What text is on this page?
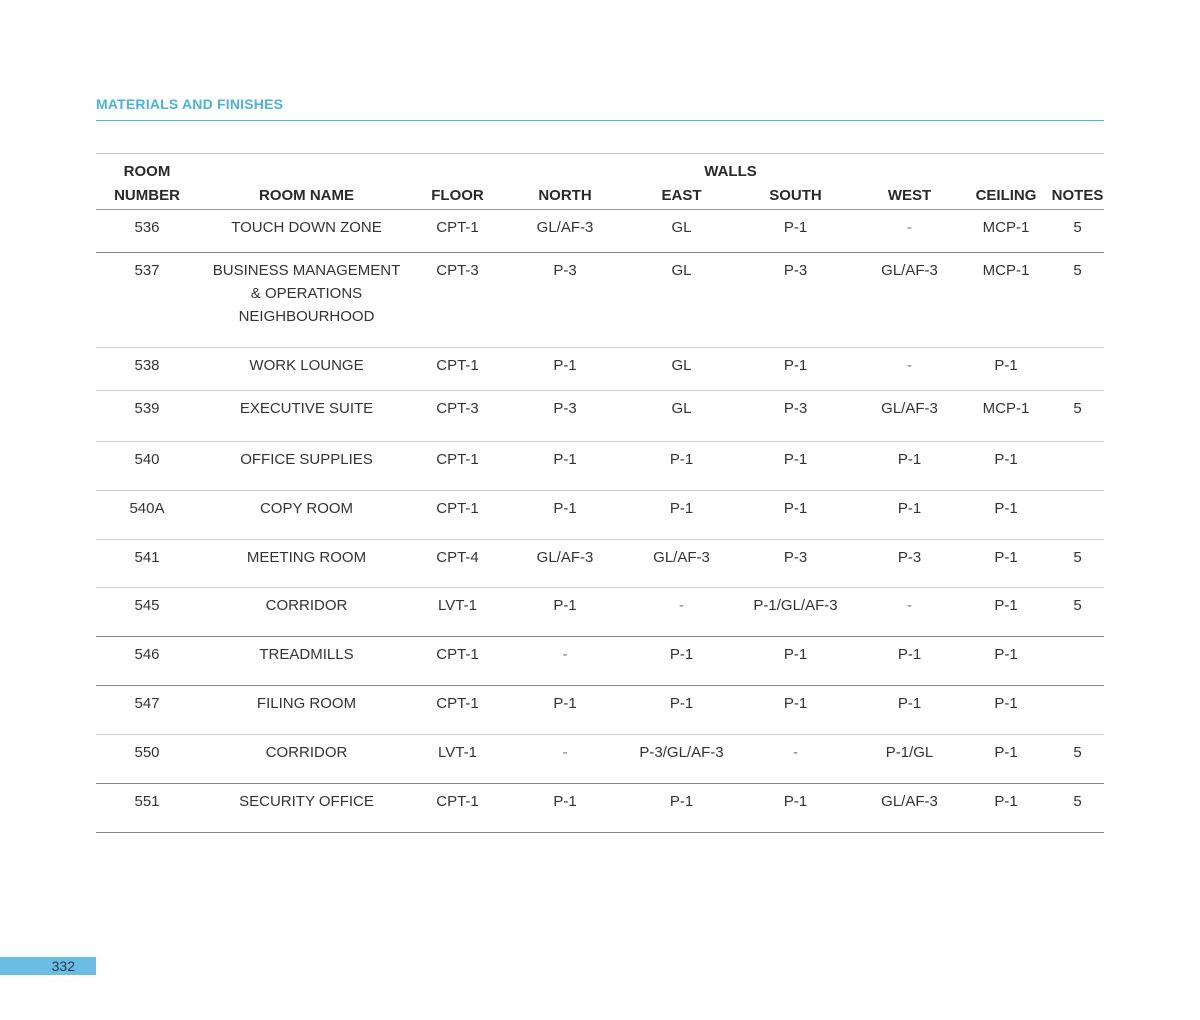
MATERIALS AND FINISHES
ROOM			WALLS					
NUMBER	ROOM NAME	FLOOR	NORTH	EAST	SOUTH	WEST	CEILING	NOTES
536	TOUCH DOWN ZONE	CPT-1	GL/AF-3	GL	P-1	-	MCP-1	5
537	BUSINESS MANAGEMENT
& OPERATIONS
NEIGHBOURHOOD	CPT-3	P-3	GL	P-3	GL/AF-3	MCP-1	5
538	WORK LOUNGE	CPT-1	P-1	GL	P-1	-	P-1	
539	EXECUTIVE SUITE	CPT-3	P-3	GL	P-3	GL/AF-3	MCP-1	5
540	OFFICE SUPPLIES	CPT-1	P-1	P-1	P-1	P-1	P-1	
540A	COPY ROOM	CPT-1	P-1	P-1	P-1	P-1	P-1	
541	MEETING ROOM	CPT-4	GL/AF-3	GL/AF-3	P-3	P-3	P-1	5
545	CORRIDOR	LVT-1	P-1	-	P-1/GL/AF-3	-	P-1	5
546	TREADMILLS	CPT-1	-	P-1	P-1	P-1	P-1	
547	FILING ROOM	CPT-1	P-1	P-1	P-1	P-1	P-1	
550	CORRIDOR	LVT-1	-	P-3/GL/AF-3	-	P-1/GL	P-1	5
551	SECURITY OFFICE	CPT-1	P-1	P-1	P-1	GL/AF-3	P-1	5
332
